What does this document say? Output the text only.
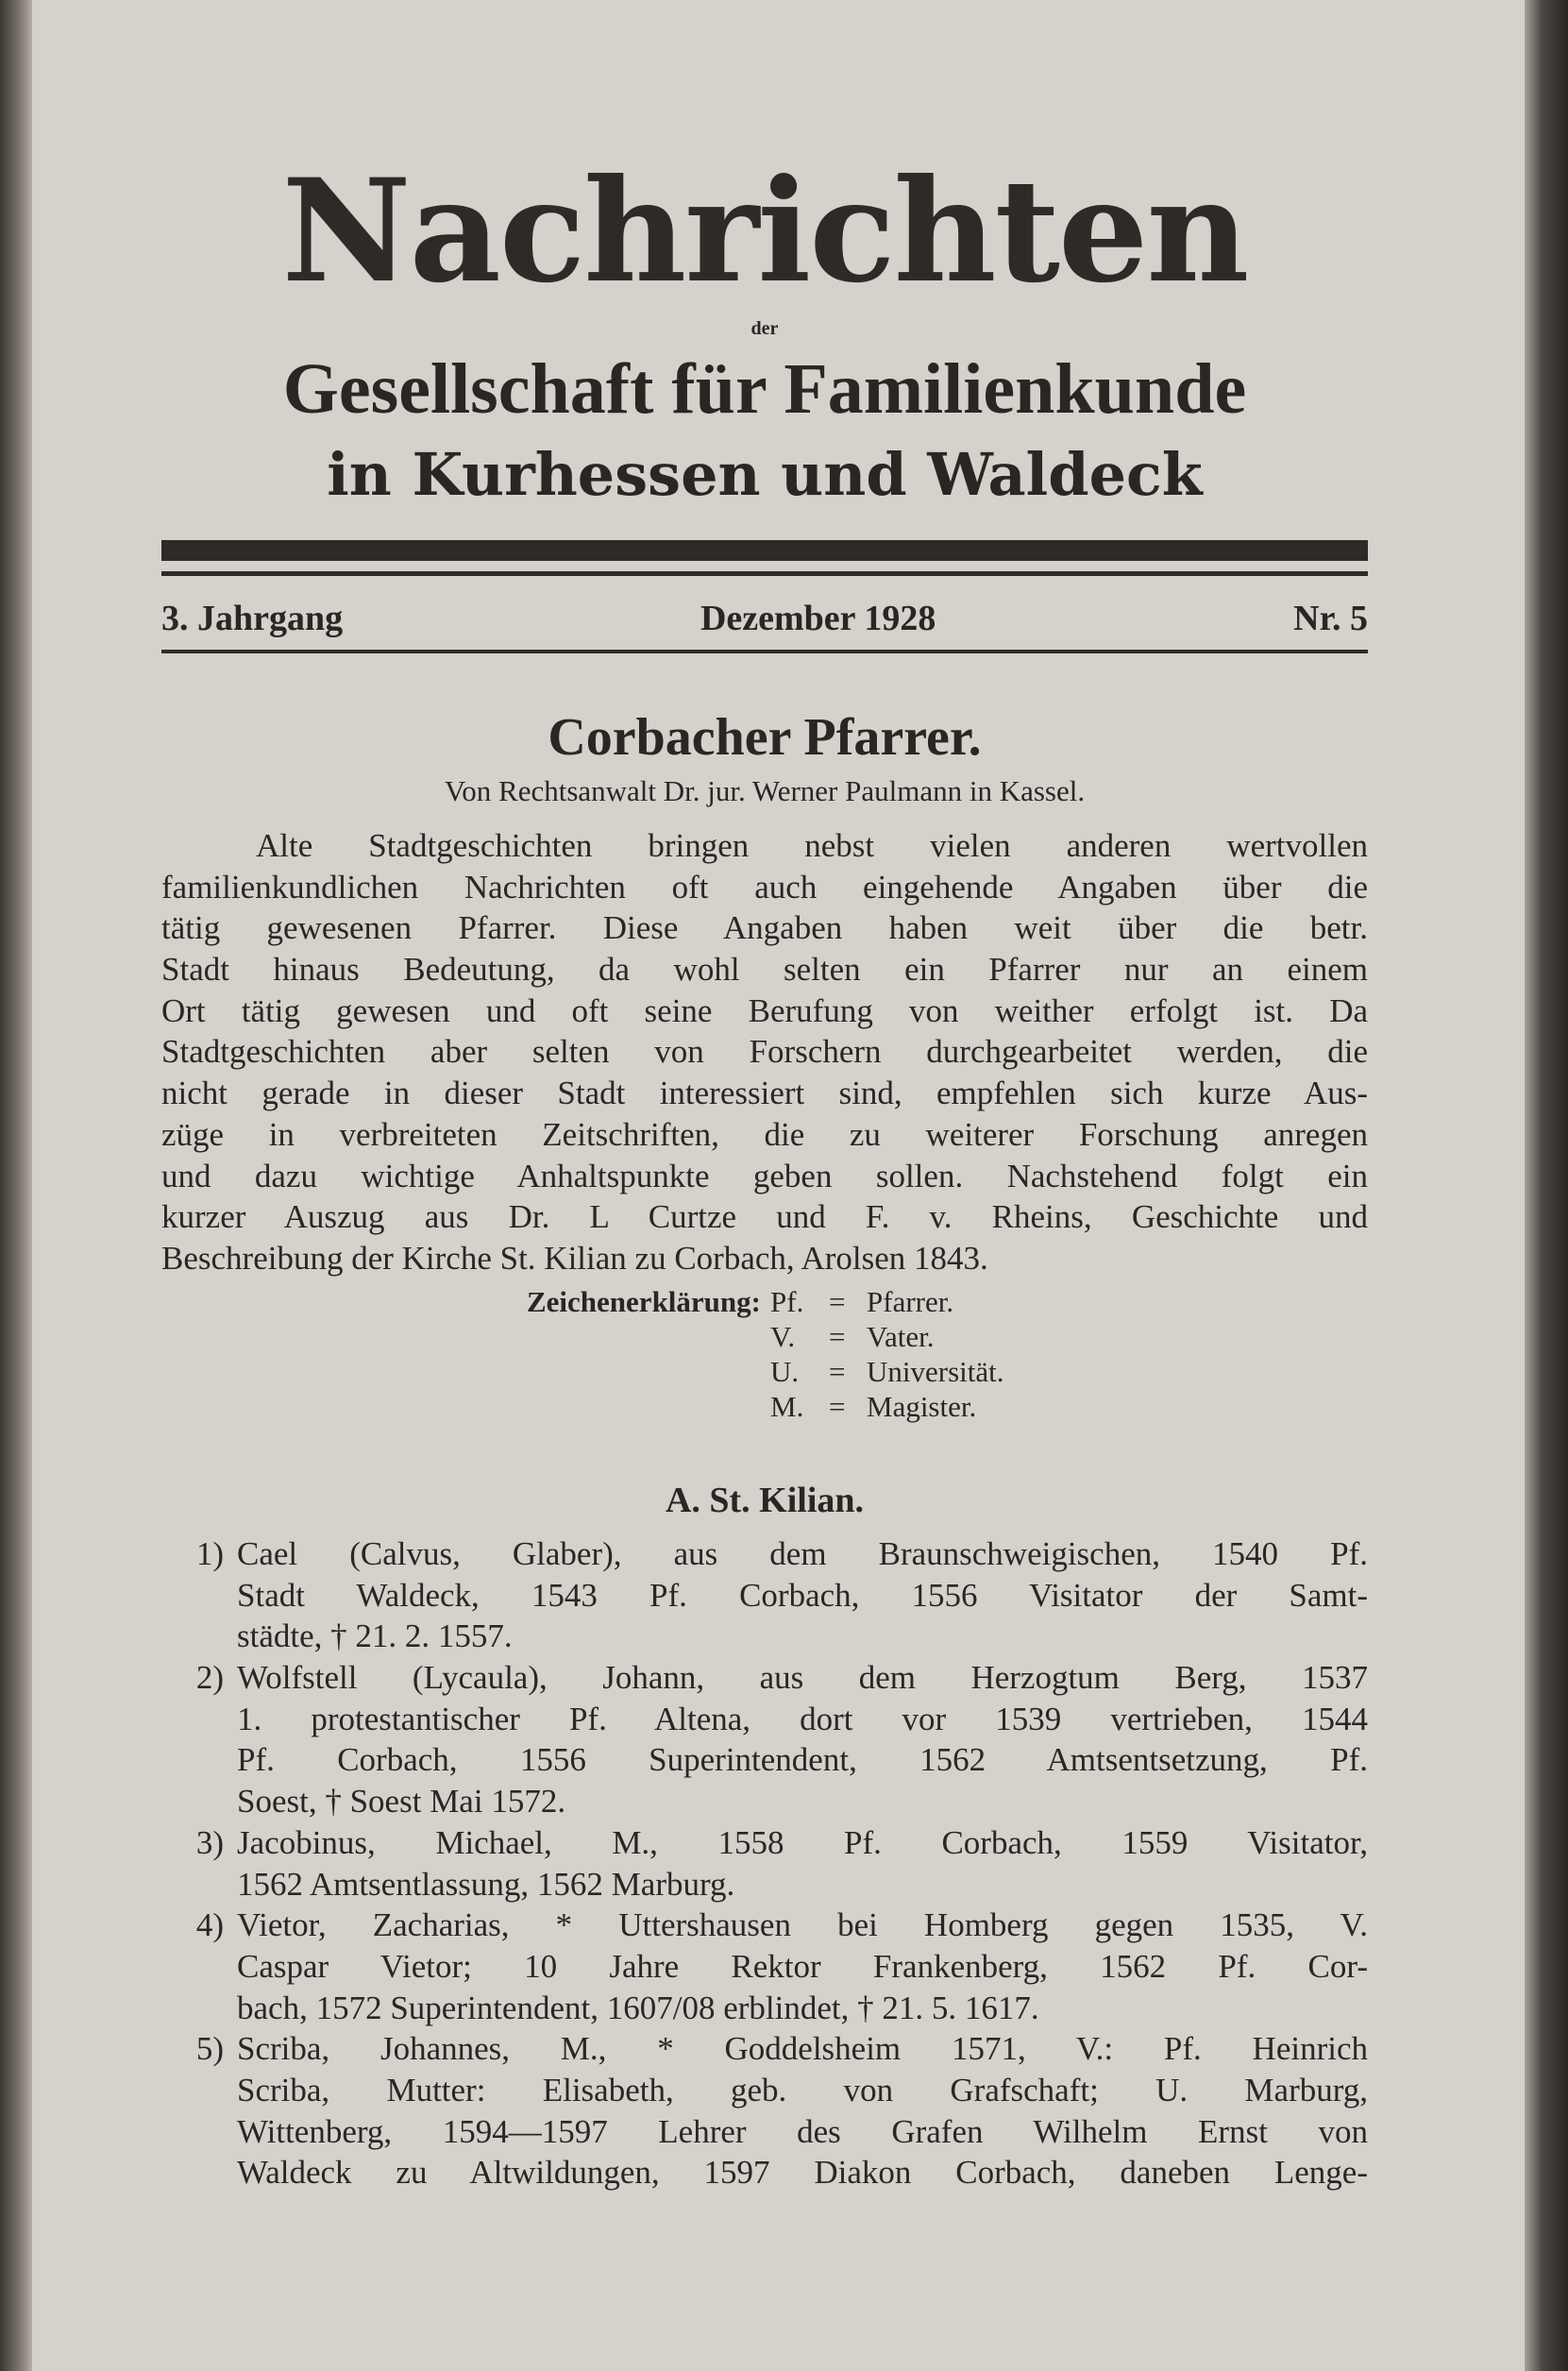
Nachrichten
der
Gesellschaft für Familienkunde
in Kurhessen und Waldeck
3. Jahrgang	Dezember 1928	Nr. 5
Corbacher Pfarrer.
Von Rechtsanwalt Dr. jur. Werner Paulmann in Kassel.
Alte Stadtgeschichten bringen nebst vielen anderen wertvollen
familienkundlichen Nachrichten oft auch eingehende Angaben über die
tätig gewesenen Pfarrer. Diese Angaben haben weit über die betr.
Stadt hinaus Bedeutung, da wohl selten ein Pfarrer nur an einem
Ort tätig gewesen und oft seine Berufung von weither erfolgt ist. Da
Stadtgeschichten aber selten von Forschern durchgearbeitet werden, die
nicht gerade in dieser Stadt interessiert sind, empfehlen sich kurze Aus-
züge in verbreiteten Zeitschriften, die zu weiterer Forschung anregen
und dazu wichtige Anhaltspunkte geben sollen. Nachstehend folgt ein
kurzer Auszug aus Dr. L Curtze und F. v. Rheins, Geschichte und
Beschreibung der Kirche St. Kilian zu Corbach, Arolsen 1843.
Zeichenerklärung: Pf. = Pfarrer.
V.	= Vater.
U.	= Universität.
M. = Magister.
A. St. Kilian.
1) Cael (Calvus, Glaber), aus dem Braunschweigischen, 1540 Pf.
Stadt Waldeck, 1543 Pf. Corbach, 1556 Visitator der Samt-
städte, † 21. 2. 1557.
2) Wolfstell (Lycaula), Johann, aus dem Herzogtum Berg, 1537
1. protestantischer Pf. Altena, dort vor 1539 vertrieben, 1544
Pf. Corbach, 1556 Superintendent, 1562 Amtsentsetzung, Pf.
Soest, † Soest Mai 1572.
3) Jacobinus, Michael, M., 1558 Pf. Corbach, 1559 Visitator,
1562 Amtsentlassung, 1562 Marburg.
4) Vietor, Zacharias, * Uttershausen bei Homberg gegen 1535, V.
Caspar Vietor; 10 Jahre Rektor Frankenberg, 1562 Pf. Cor-
bach, 1572 Superintendent, 1607/08 erblindet, † 21. 5. 1617.
5) Scriba, Johannes, M., * Goddelsheim 1571, V.: Pf. Heinrich
Scriba, Mutter: Elisabeth, geb. von Grafschaft; U. Marburg,
Wittenberg, 1594—1597 Lehrer des Grafen Wilhelm Ernst von
Waldeck zu Altwildungen, 1597 Diakon Corbach, daneben Lenge-
